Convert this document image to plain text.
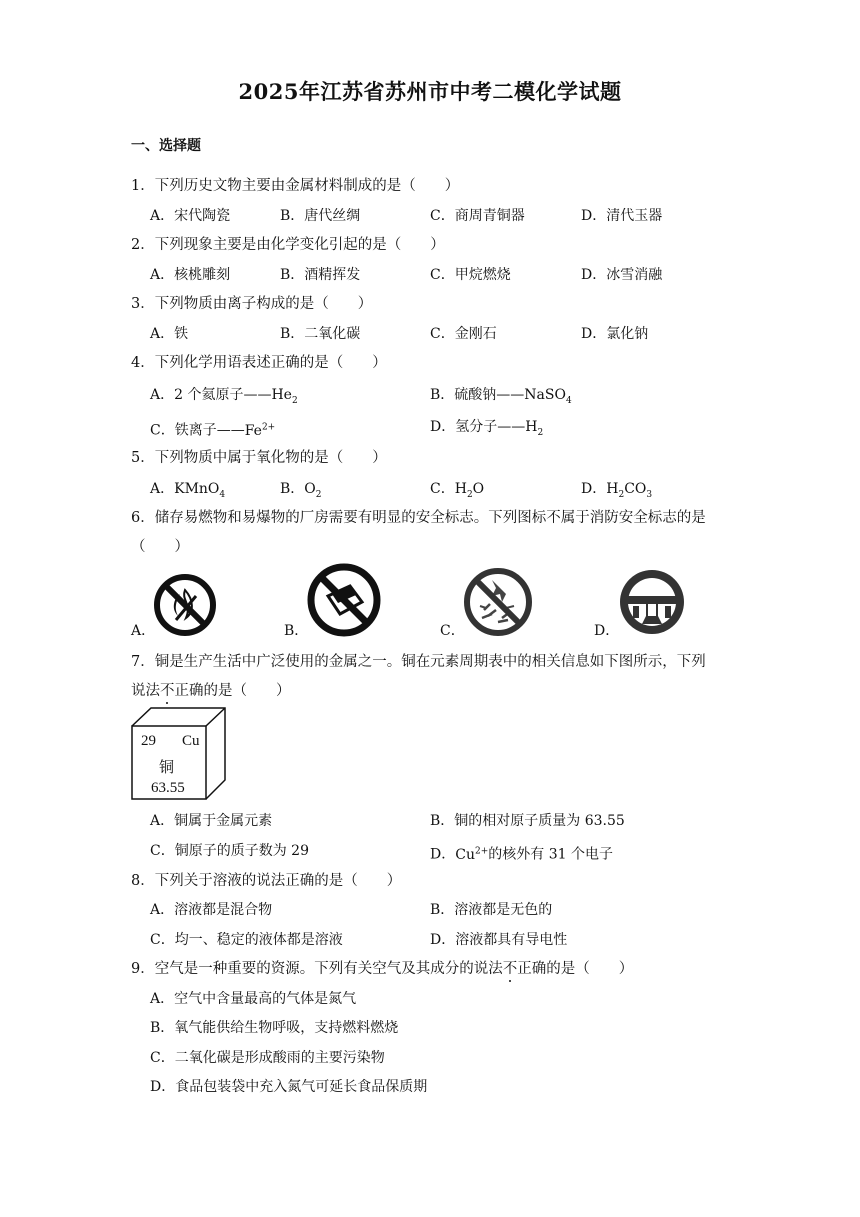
2025年江苏省苏州市中考二模化学试题
一、选择题
1．下列历史文物主要由金属材料制成的是（　　）
A．宋代陶瓷	B．唐代丝绸	C．商周青铜器	D．清代玉器
2．下列现象主要是由化学变化引起的是（　　）
A．核桃雕刻	B．酒精挥发	C．甲烷燃烧	D．冰雪消融
3．下列物质由离子构成的是（　　）
A．铁	B．二氧化碳	C．金刚石	D．氯化钠
4．下列化学用语表述正确的是（　　）
A．2 个氦原子$——He_2$	B．硫酸钠——NaSO$_4$
C．铁离子$——Fe^{2+}$	D．氢分子$——H_2$
5．下列物质中属于氧化物的是（　　）
A．KMnO$_4$	B．$O_2$	C．$H_2O$	D．$H_2CO_3$
6．储存易燃物和易爆物的厂房需要有明显的安全标志。下列图标不属于消防安全标志的是
（　　）
A．	B．	C．	D．
7．铜是生产生活中广泛使用的金属之一。铜在元素周期表中的相关信息如下图所示，下列
说法不正确的是（　　）
29 Cu
铜
63.55
A．铜属于金属元素	B．铜的相对原子质量为 63.55
C．铜原子的质子数为 29	D．$Cu^{2+}$的核外有 31 个电子
8．下列关于溶液的说法正确的是（　　）
A．溶液都是混合物	B．溶液都是无色的
C．均一、稳定的液体都是溶液	D．溶液都具有导电性
9．空气是一种重要的资源。下列有关空气及其成分的说法不正确的是（　　）
A．空气中含量最高的气体是氮气
B．氧气能供给生物呼吸，支持燃料燃烧
C．二氧化碳是形成酸雨的主要污染物
D．食品包装袋中充入氮气可延长食品保质期
